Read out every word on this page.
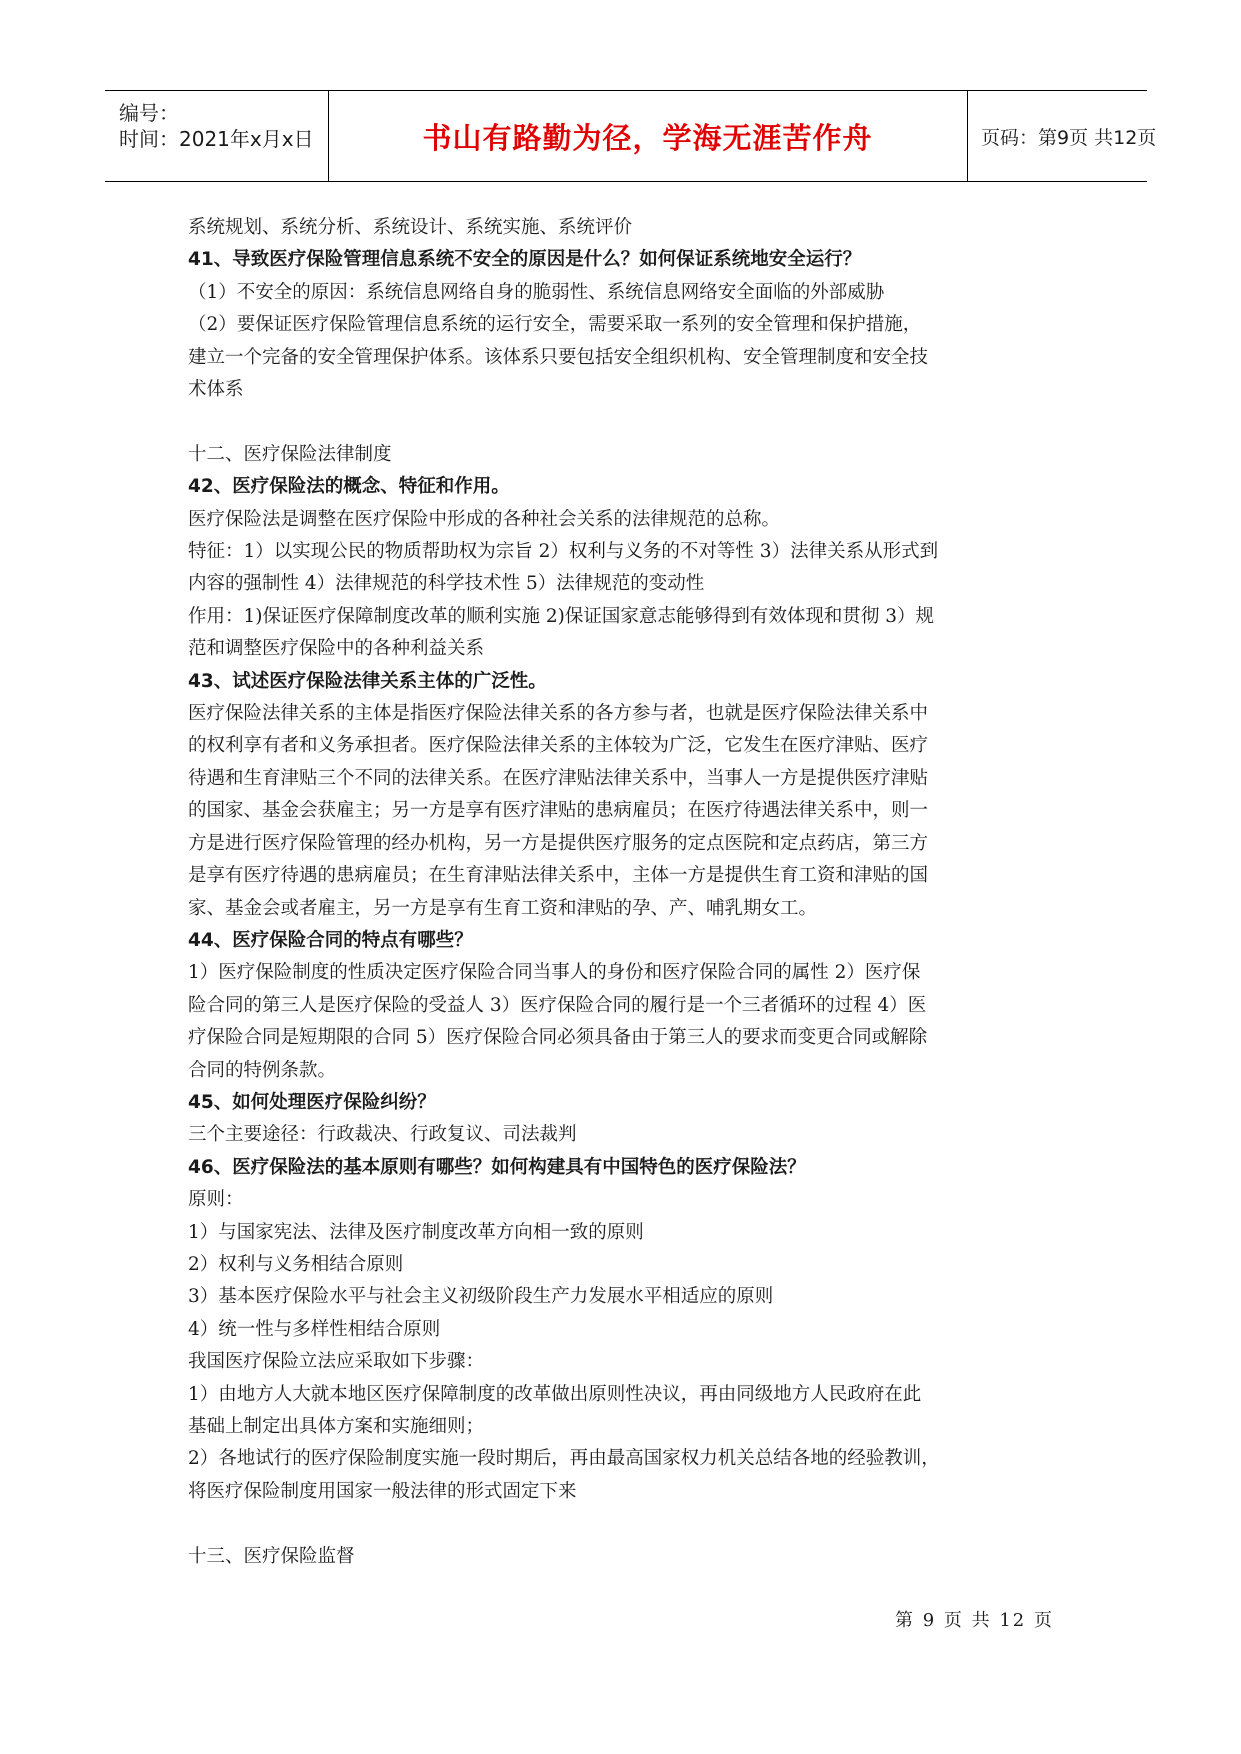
编号：
时间：2021年x月x日	书山有路勤为径，学海无涯苦作舟	页码：第9页 共12页
系统规划、系统分析、系统设计、系统实施、系统评价
41、导致医疗保险管理信息系统不安全的原因是什么？如何保证系统地安全运行？
（1）不安全的原因：系统信息网络自身的脆弱性、系统信息网络安全面临的外部威胁
（2）要保证医疗保险管理信息系统的运行安全，需要采取一系列的安全管理和保护措施，
建立一个完备的安全管理保护体系。该体系只要包括安全组织机构、安全管理制度和安全技
术体系
十二、医疗保险法律制度
42、医疗保险法的概念、特征和作用。
医疗保险法是调整在医疗保险中形成的各种社会关系的法律规范的总称。
特征：1）以实现公民的物质帮助权为宗旨 2）权利与义务的不对等性 3）法律关系从形式到
内容的强制性 4）法律规范的科学技术性 5）法律规范的变动性
作用：1)保证医疗保障制度改革的顺利实施 2)保证国家意志能够得到有效体现和贯彻 3）规
范和调整医疗保险中的各种利益关系
43、试述医疗保险法律关系主体的广泛性。
医疗保险法律关系的主体是指医疗保险法律关系的各方参与者，也就是医疗保险法律关系中
的权利享有者和义务承担者。医疗保险法律关系的主体较为广泛，它发生在医疗津贴、医疗
待遇和生育津贴三个不同的法律关系。在医疗津贴法律关系中，当事人一方是提供医疗津贴
的国家、基金会获雇主；另一方是享有医疗津贴的患病雇员；在医疗待遇法律关系中，则一
方是进行医疗保险管理的经办机构，另一方是提供医疗服务的定点医院和定点药店，第三方
是享有医疗待遇的患病雇员；在生育津贴法律关系中，主体一方是提供生育工资和津贴的国
家、基金会或者雇主，另一方是享有生育工资和津贴的孕、产、哺乳期女工。
44、医疗保险合同的特点有哪些？
1）医疗保险制度的性质决定医疗保险合同当事人的身份和医疗保险合同的属性 2）医疗保
险合同的第三人是医疗保险的受益人 3）医疗保险合同的履行是一个三者循环的过程 4）医
疗保险合同是短期限的合同 5）医疗保险合同必须具备由于第三人的要求而变更合同或解除
合同的特例条款。
45、如何处理医疗保险纠纷？
三个主要途径：行政裁决、行政复议、司法裁判
46、医疗保险法的基本原则有哪些？如何构建具有中国特色的医疗保险法？
原则：
1）与国家宪法、法律及医疗制度改革方向相一致的原则
2）权利与义务相结合原则
3）基本医疗保险水平与社会主义初级阶段生产力发展水平相适应的原则
4）统一性与多样性相结合原则
我国医疗保险立法应采取如下步骤：
1）由地方人大就本地区医疗保障制度的改革做出原则性决议，再由同级地方人民政府在此
基础上制定出具体方案和实施细则；
2）各地试行的医疗保险制度实施一段时期后，再由最高国家权力机关总结各地的经验教训，
将医疗保险制度用国家一般法律的形式固定下来
十三、医疗保险监督
第 9 页 共 12 页
